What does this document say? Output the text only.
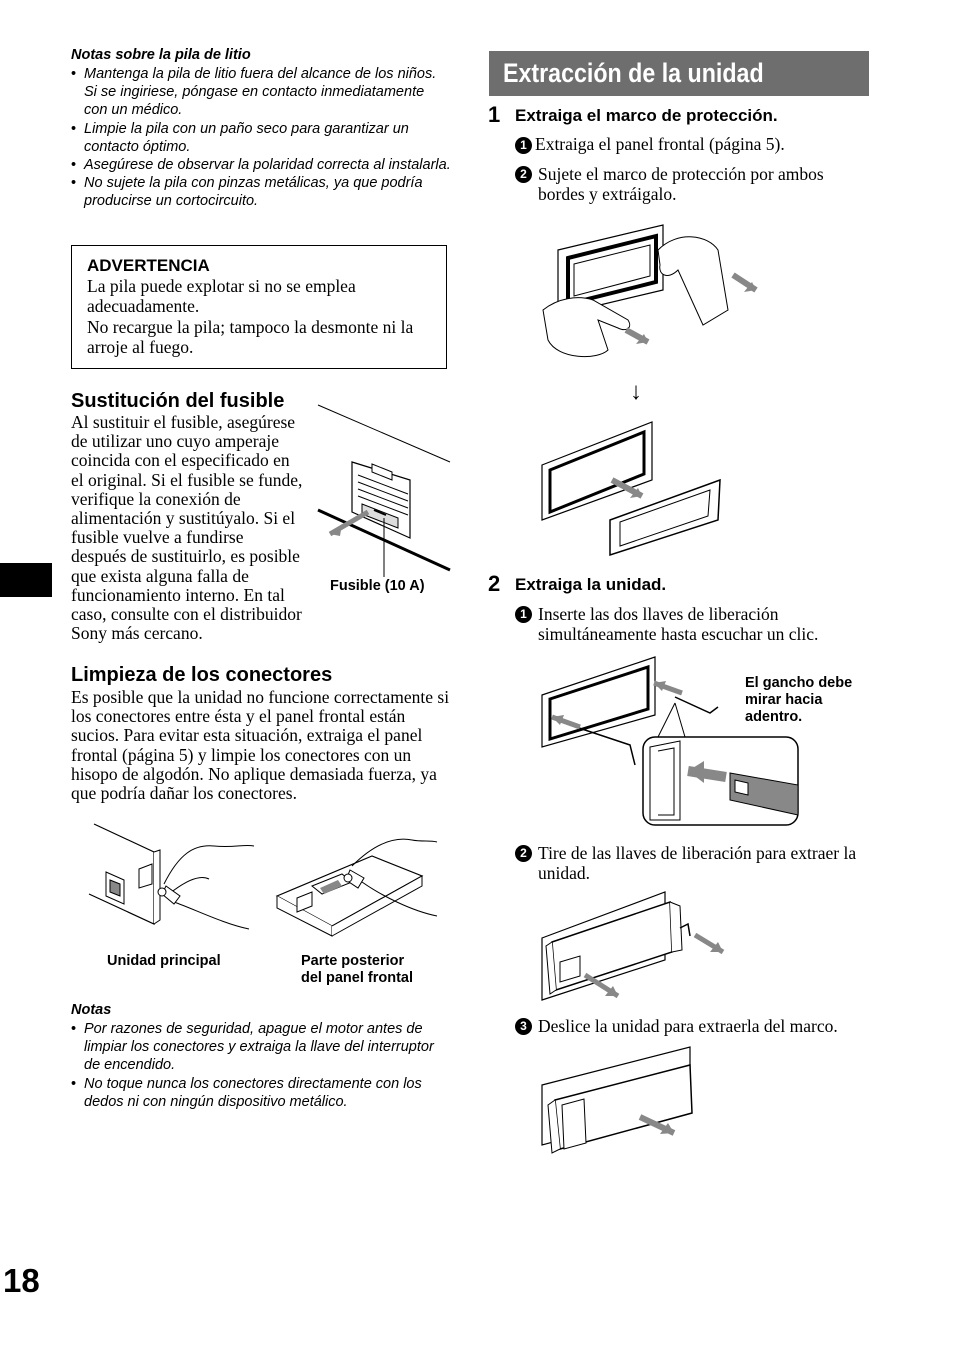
Notas sobre la pila de litio
• Mantenga la pila de litio fuera del alcance de los niños. Si se ingiriese, póngase en contacto inmediatamente con un médico.
• Limpie la pila con un paño seco para garantizar un contacto óptimo.
• Asegúrese de observar la polaridad correcta al instalarla.
• No sujete la pila con pinzas metálicas, ya que podría producirse un cortocircuito.
ADVERTENCIA
La pila puede explotar si no se emplea adecuadamente.
No recargue la pila; tampoco la desmonte ni la arroje al fuego.
Sustitución del fusible
Al sustituir el fusible, asegúrese de utilizar uno cuyo amperaje coincida con el especificado en el original. Si el fusible se funde, verifique la conexión de alimentación y sustitúyalo. Si el fusible vuelve a fundirse después de sustituirlo, es posible que exista alguna falla de funcionamiento interno. En tal caso, consulte con el distribuidor Sony más cercano.
Fusible (10 A)
Limpieza de los conectores
Es posible que la unidad no funcione correctamente si los conectores entre ésta y el panel frontal están sucios. Para evitar esta situación, extraiga el panel frontal (página 5) y limpie los conectores con un hisopo de algodón. No aplique demasiada fuerza, ya que podría dañar los conectores.
Unidad principal	Parte posterior
del panel frontal
Notas
• Por razones de seguridad, apague el motor antes de limpiar los conectores y extraiga la llave del interruptor de encendido.
• No toque nunca los conectores directamente con los dedos ni con ningún dispositivo metálico.
18
Extracción de la unidad
1 Extraiga el marco de protección.
1 Extraiga el panel frontal (página 5).
2 Sujete el marco de protección por ambos bordes y extráigalo.
↓
2 Extraiga la unidad.
1 Inserte las dos llaves de liberación simultáneamente hasta escuchar un clic.
El gancho debe
mirar hacia
adentro.
2 Tire de las llaves de liberación para extraer la unidad.
3 Deslice la unidad para extraerla del marco.
